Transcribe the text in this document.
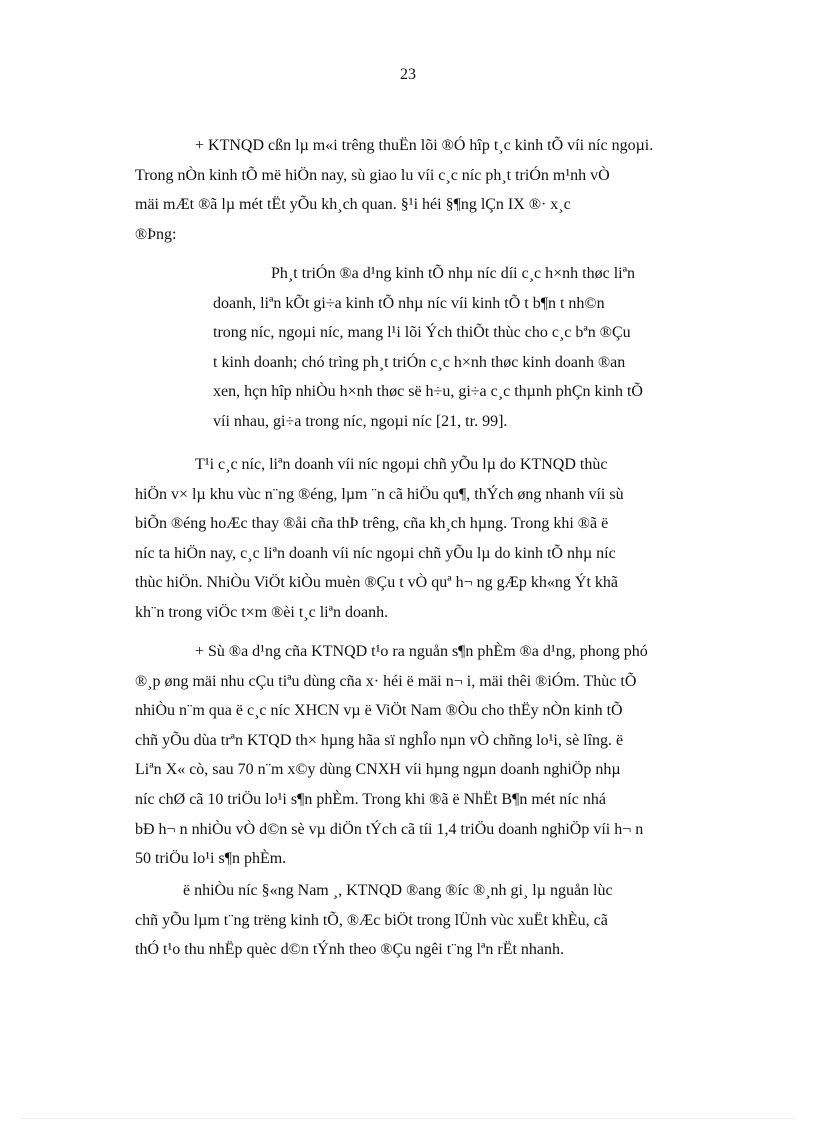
23
+ KTNQD cßn lµ m«i trêng thuËn lõi ®Ó hîp t¸c kinh tÕ víi níc ngoµi.
Trong nÒn kinh tÕ më hiÖn nay, sù giao lu víi c¸c níc ph¸t triÓn m¹nh vÒ
mäi mÆt ®ã lµ mét tËt yÕu kh¸ch quan. §¹i héi §¶ng lÇn IX ®· x¸c
®Þng:
Ph¸t triÓn ®a d¹ng kinh tÕ nhµ níc díi c¸c h×nh thøc liªn
doanh, liªn kÕt gi÷a kinh tÕ nhµ níc víi kinh tÕ t b¶n t nh©n
trong níc, ngoµi níc, mang l¹i lõi Ých thiÕt thùc cho c¸c bªn ®Çu
t kinh doanh; chó trìng ph¸t triÓn c¸c h×nh thøc kinh doanh ®an
xen, hçn hîp nhiÒu h×nh thøc së h÷u, gi÷a c¸c thµnh phÇn kinh tÕ
víi nhau, gi÷a trong níc, ngoµi níc [21, tr. 99].
T¹i c¸c níc, liªn doanh víi níc ngoµi chñ yÕu lµ do KTNQD thùc
hiÖn v× lµ khu vùc n¨ng ®éng, lµm ¨n cã hiÖu qu¶, thÝch øng nhanh víi sù
biÕn ®éng hoÆc thay ®åi cña thÞ trêng, cña kh¸ch hµng. Trong khi ®ã ë
níc ta hiÖn nay, c¸c liªn doanh víi níc ngoµi chñ yÕu lµ do kinh tÕ nhµ níc
thùc hiÖn. NhiÒu ViÖt kiÒu muèn ®Çu t vÒ quª h¬ ng gÆp kh«ng Ýt khã
kh¨n trong viÖc t×m ®èi t¸c liªn doanh.
+ Sù ®a d¹ng cña KTNQD t¹o ra nguån s¶n phÈm ®a d¹ng, phong phó
®¸p øng mäi nhu cÇu tiªu dùng cña x· héi ë mäi n¬ i, mäi thêi ®iÓm. Thùc tÕ
nhiÒu n¨m qua ë c¸c níc XHCN vµ ë ViÖt Nam ®Òu cho thËy nÒn kinh tÕ
chñ yÕu dùa trªn KTQD th× hµng hãa sï nghÎo nµn vÒ chñng lo¹i, sè lîng. ë
Liªn X« cò, sau 70 n¨m x©y dùng CNXH víi hµng ngµn doanh nghiÖp nhµ
níc chØ cã 10 triÖu lo¹i s¶n phÈm. Trong khi ®ã ë NhËt B¶n mét níc nhá
bÐ h¬ n nhiÒu vÒ d©n sè vµ diÖn tÝch cã tíi 1,4 triÖu doanh nghiÖp víi h¬ n
50 triÖu lo¹i s¶n phÈm.
ë nhiÒu níc §«ng Nam ¸, KTNQD ®ang ®íc ®¸nh gi¸ lµ nguån lùc
chñ yÕu lµm t¨ng trëng kinh tÕ, ®Æc biÖt trong lÜnh vùc xuËt khÈu, cã
thÓ t¹o thu nhËp quèc d©n tÝnh theo ®Çu ngêi t¨ng lªn rËt nhanh.
